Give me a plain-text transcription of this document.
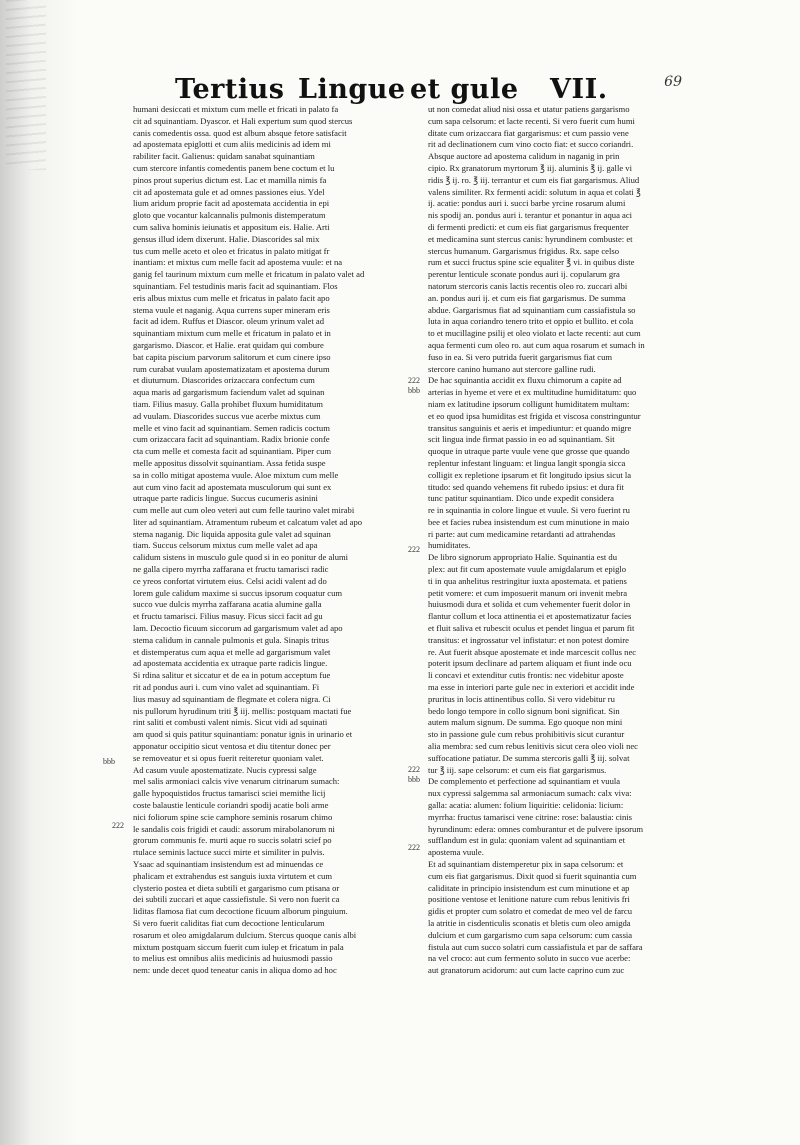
Tertius Lingue et gule VII.	69
humani desiccati et mixtum cum melle et fricati in palato fa
cit ad squinantiam. Dyascor. et Hali expertum sum quod stercus
canis comedentis ossa. quod est album absque fetore satisfacit
ad apostemata epiglotti et cum aliis medicinis ad idem mi
rabiliter facit. Galienus: quidam sanabat squinantiam
cum stercore infantis comedentis panem bene coctum et lu
pinos prout superius dictum est. Lac et mamilla nimis fa
cit ad apostemata gule et ad omnes passiones eius. Ydel
lium aridum proprie facit ad apostemata accidentia in epi
gloto que vocantur kalcannalis pulmonis distemperatum
cum saliva hominis ieiunatis et appositum eis. Halie. Arti
gensus illud idem dixerunt. Halie. Diascorides sal mix
tus cum melle aceto et oleo et fricatus in palato mitigat fr
inantiam: et mixtus cum melle facit ad apostema vuule: et na
ganig fel taurinum mixtum cum melle et fricatum in palato valet ad
squinantiam. Fel testudinis maris facit ad squinantiam. Flos
eris albus mixtus cum melle et fricatus in palato facit apo
stema vuule et naganig. Aqua currens super mineram eris
facit ad idem. Ruffus et Diascor. oleum yrinum valet ad
squinantiam mixtum cum melle et fricatum in palato et in
gargarismo. Diascor. et Halie. erat quidam qui combure
bat capita piscium parvorum salitorum et cum cinere ipso
rum curabat vuulam apostematizatam et apostema durum
et diuturnum. Diascorides orizaccara confectum cum
aqua maris ad gargarismum faciendum valet ad squinan
tiam. Filius masuy. Galla prohibet fluxum humiditatum
ad vuulam. Diascorides succus vue acerbe mixtus cum
melle et vino facit ad squinantiam. Semen radicis coctum
cum orizaccara facit ad squinantiam. Radix brionie confe
cta cum melle et comesta facit ad squinantiam. Piper cum
melle appositus dissolvit squinantiam. Assa fetida suspe
sa in collo mitigat apostema vuule. Aloe mixtum cum melle
aut cum vino facit ad apostemata musculorum qui sunt ex
utraque parte radicis lingue. Succus cucumeris asinini
cum melle aut cum oleo veteri aut cum felle taurino valet mirabi
liter ad squinantiam. Atramentum rubeum et calcatum valet ad apo
stema naganig. Dic liquida apposita gule valet ad squinan
tiam. Succus celsorum mixtus cum melle valet ad apa
calidum sistens in musculo gule quod si in eo ponitur de alumi
ne galla cipero myrrha zaffarana et fructu tamarisci radic
ce yreos confortat virtutem eius. Celsi acidi valent ad do
lorem gule calidum maxime si succus ipsorum coquatur cum
succo vue dulcis myrrha zaffarana acatia alumine galla
et fructu tamarisci. Filius masuy. Ficus sicci facit ad gu
lam. Decoctio ficuum siccorum ad gargarismum valet ad apo
stema calidum in cannale pulmonis et gula. Sinapis tritus
et distemperatus cum aqua et melle ad gargarismum valet
ad apostemata accidentia ex utraque parte radicis lingue.
Si rdina salitur et siccatur et de ea in potum acceptum fue
rit ad pondus auri i. cum vino valet ad squinantiam. Fi
lius masuy ad squinantiam de flegmate et colera nigra. Ci
nis pullorum hyrudinum triti ℥ iij. mellis: postquam mactati fue
rint saliti et combusti valent nimis. Sicut vidi ad squinati
am quod si quis patitur squinantiam: ponatur ignis in urinario et
apponatur occipitio sicut ventosa et diu titentur donec per
se removeatur et si opus fuerit reiteretur quoniam valet.
Ad casum vuule apostematizate. Nucis cypressi salge
mel salis armoniaci calcis vive venarum citrinarum sumach:
galle hypoquistidos fructus tamarisci sciei memithe licij
coste balaustie lenticule coriandri spodij acatie boli arme
nici foliorum spine scie camphore seminis rosarum chimo
le sandalis cois frigidi et caudi: assorum mirabolanorum ni
grorum communis fe. murti aque ro succis solatri scief po
rtulace seminis lactuce succi mirte et similiter in pulvis.
Ysaac ad squinantiam insistendum est ad minuendas ce
phalicam et extrahendus est sanguis iuxta virtutem et cum
clysterio postea et dieta subtili et gargarismo cum ptisana or
dei subtili zuccari et aque cassiefistule. Si vero non fuerit ca
liditas flamosa fiat cum decoctione ficuum alborum pinguium.
Si vero fuerit caliditas fiat cum decoctione lenticularum
rosarum et oleo amigdalarum dulcium. Stercus quoque canis albi
mixtum postquam siccum fuerit cum iulep et fricatum in pala
to melius est omnibus aliis medicinis ad huiusmodi passio
nem: unde decet quod teneatur canis in aliqua domo ad hoc
ut non comedat aliud nisi ossa et utatur patiens gargarismo
cum sapa celsorum: et lacte recenti. Si vero fuerit cum humi
ditate cum orizaccara fiat gargarismus: et cum passio vene
rit ad declinationem cum vino cocto fiat: et succo coriandri.
Absque auctore ad apostema calidum in naganig in prin
cipio. Rx granatorum myrtorum ℥ iij. aluminis ℥ ij. galle vi
ridis ℥ ij. ro. ℥ iij. terrantur et cum eis fiat gargarismus. Aliud
valens similiter. Rx fermenti acidi: solutum in aqua et colati ℥
ij. acatie: pondus auri i. succi barbe yrcine rosarum alumi
nis spodij an. pondus auri i. terantur et ponantur in aqua aci
di fermenti predicti: et cum eis fiat gargarismus frequenter
et medicamina sunt stercus canis: hyrundinem combuste: et
stercus humanum. Gargarismus frigidus. Rx. sape celso
rum et succi fructus spine scie equaliter ℥ vi. in quibus diste
perentur lenticule sconate pondus auri ij. copularum gra
natorum stercoris canis lactis recentis oleo ro. zuccari albi
an. pondus auri ij. et cum eis fiat gargarismus. De summa
abdue. Gargarismus fiat ad squinantiam cum cassiafistula so
luta in aqua coriandro tenero trito et oppio et bullito. et cola
to et mucillagine psilij et oleo violato et lacte recenti: aut cum
aqua fermenti cum oleo ro. aut cum aqua rosarum et sumach in
fuso in ea. Si vero putrida fuerit gargarismus fiat cum
stercore canino humano aut stercore galline rudi.
De hac squinantia accidit ex fluxu chimorum a capite ad
arterias in hyeme et vere et ex multitudine humiditatum: quo
niam ex latitudine ipsorum colligunt humiditatem multam:
et eo quod ipsa humiditas est frigida et viscosa constringuntur
transitus sanguinis et aeris et impediuntur: et quando migre
scit lingua inde firmat passio in eo ad squinantiam. Sit
quoque in utraque parte vuule vene que grosse que quando
replentur infestant linguam: et lingua langit spongia sicca
colligit ex repletione ipsarum et fit longitudo ipsius sicut la
titudo: sed quando vehemens fit rubedo ipsius: et dura fit
tunc patitur squinantiam. Dico unde expedit considera
re in squinantia in colore lingue et vuule. Si vero fuerint ru
bee et facies rubea insistendum est cum minutione in maio
ri parte: aut cum medicamine retardanti ad attrahendas
humiditates.
De libro signorum appropriato Halie. Squinantia est du
plex: aut fit cum apostemate vuule amigdalarum et epiglo
ti in qua anhelitus restringitur iuxta apostemata. et patiens
petit vomere: et cum imposuerit manum ori invenit mebra
huiusmodi dura et solida et cum vehementer fuerit dolor in
flantur collum et loca attinentia ei et apostematizatur facies
et fluit saliva et rubescit oculus et pendet lingua et parum fit
transitus: et ingrossatur vel infistatur: et non potest domire
re. Aut fuerit absque apostemate et inde marcescit collus nec
poterit ipsum declinare ad partem aliquam et fiunt inde ocu
li concavi et extenditur cutis frontis: nec videbitur aposte
ma esse in interiori parte gule nec in exteriori et accidit inde
pruritus in locis attinentibus collo. Si vero videbitur ru
bedo longo tempore in collo signum boni significat. Sin
autem malum signum. De summa. Ego quoque non mini
sto in passione gule cum rebus prohibitivis sicut curantur
alia membra: sed cum rebus lenitivis sicut cera oleo violi nec
suffocatione patiatur. De summa stercoris galli ℥ iij. solvat
tur ℥ iij. sape celsorum: et cum eis fiat gargarismus.
De complemento et perfectione ad squinantiam et vuula
nux cypressi salgemma sal armoniacum sumach: calx viva:
galla: acatia: alumen: folium liquiritie: celidonia: licium:
myrrha: fructus tamarisci vene citrine: rose: balaustia: cinis
hyrundinum: edera: omnes comburantur et de pulvere ipsorum
sufflandum est in gula: quoniam valent ad squinantiam et
apostema vuule.
Et ad squinantiam distemperetur pix in sapa celsorum: et
cum eis fiat gargarismus. Dixit quod si fuerit squinantia cum
caliditate in principio insistendum est cum minutione et ap
positione ventose et lenitione nature cum rebus lenitivis fri
gidis et propter cum solatro et comedat de meo vel de farcu
la atritie in cisdenticulis sconatis et bletis cum oleo amigda
dulcium et cum gargarismo cum sapa celsorum: cum cassia
fistula aut cum succo solatri cum cassiafistula et par de saffara
na vel croco: aut cum fermento soluto in succo vue acerbe:
aut granatorum acidorum: aut cum lacte caprino cum zuc
bbb
222
222
bbb
222
222
bbb
222
